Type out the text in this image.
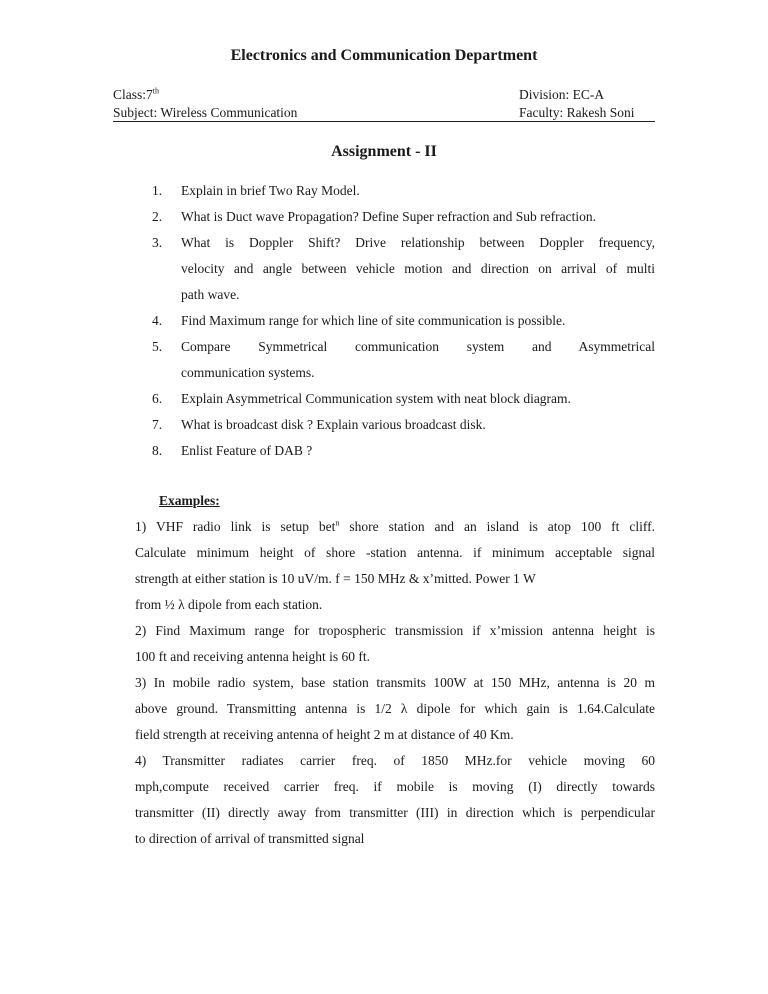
Electronics and Communication Department
Class:7th	Division: EC-A
Subject: Wireless Communication	Faculty: Rakesh Soni
Assignment - II
1. Explain in brief Two Ray Model.
2. What is Duct wave Propagation? Define Super refraction and Sub refraction.
3. What is Doppler Shift? Drive relationship between Doppler frequency,
velocity and angle between vehicle motion and direction on arrival of multi
path wave.
4. Find Maximum range for which line of site communication is possible.
5. Compare Symmetrical communication system and Asymmetrical
communication systems.
6. Explain Asymmetrical Communication system with neat block diagram.
7. What is broadcast disk ? Explain various broadcast disk.
8. Enlist Feature of DAB ?
Examples:
1) VHF radio link is setup bet$^n$ shore station and an island is atop 100 ft cliff.
Calculate minimum height of shore -station antenna. if minimum acceptable signal
strength at either station is 10 uV/m. f = 150 MHz & x’mitted. Power 1 W
from ½ λ dipole from each station.
2) Find Maximum range for tropospheric transmission if x’mission antenna height is
100 ft and receiving antenna height is 60 ft.
3) In mobile radio system, base station transmits 100W at 150 MHz, antenna is 20 m
above ground. Transmitting antenna is 1/2 λ dipole for which gain is 1.64.Calculate
field strength at receiving antenna of height 2 m at distance of 40 Km.
4) Transmitter radiates carrier freq. of 1850 MHz.for vehicle moving 60
mph,compute received carrier freq. if mobile is moving (I) directly towards
transmitter (II) directly away from transmitter (III) in direction which is perpendicular
to direction of arrival of transmitted signal
